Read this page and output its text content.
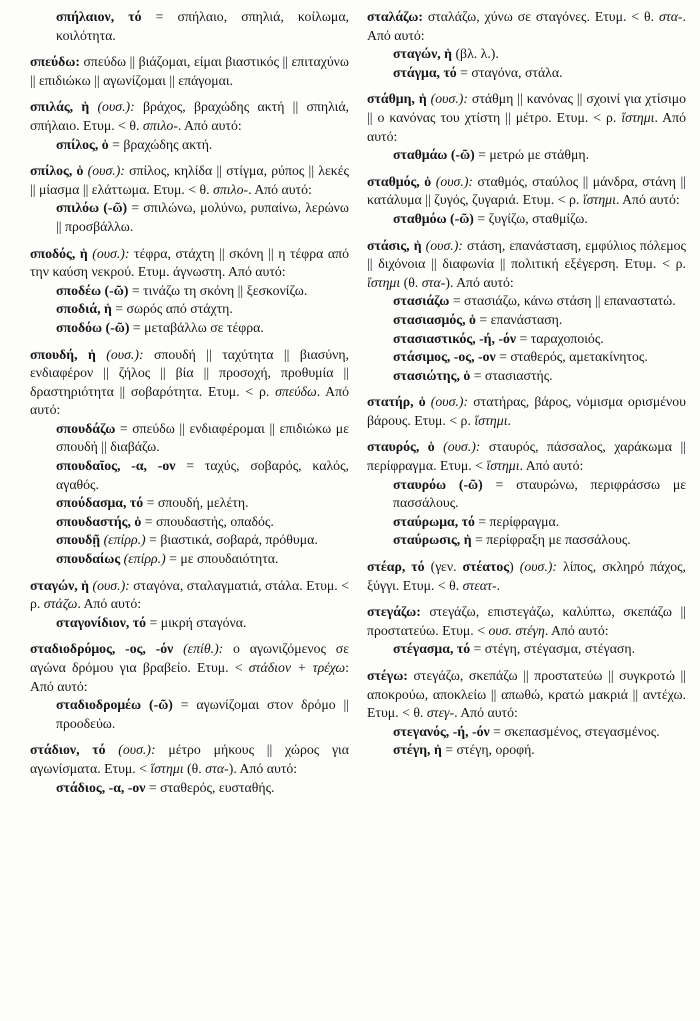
σπήλαιον, τό = σπήλαιο, σπηλιά, κοίλωμα, κοιλότητα.

σπεύδω: σπεύδω || βιάζομαι, είμαι βιαστικός || επιταχύνω || επιδιώκω || αγωνίζομαι || επάγομαι.

σπιλάς, ἡ (ουσ.): βράχος, βραχώδης ακτή || σπηλιά, σπήλαιο. Ετυμ. < θ. σπιλο-. Από αυτό:

σπίλος, ὁ = βραχώδης ακτή.

σπίλος, ὁ (ουσ.): σπίλος, κηλίδα || στίγμα, ρύπος || λεκές || μίασμα || ελάττωμα. Ετυμ. < θ. σπιλο-. Από αυτό:

σπιλόω (-ῶ) = σπιλώνω, μολύνω, ρυπαίνω, λερώνω || προσβάλλω.

σποδός, ἡ (ουσ.): τέφρα, στάχτη || σκόνη || η τέφρα από την καύση νεκρού. Ετυμ. άγνωστη. Από αυτό:

σποδέω (-ῶ) = τινάζω τη σκόνη || ξεσκονίζω.

σποδιά, ἡ = σωρός από στάχτη.

σποδόω (-ῶ) = μεταβάλλω σε τέφρα.

σπουδή, ἡ (ουσ.): σπουδή || ταχύτητα || βιασύνη, ενδιαφέρον || ζήλος || βία || προσοχή, προθυμία || δραστηριότητα || σοβαρότητα. Ετυμ. < ρ. σπεύδω. Από αυτό:

σπουδάζω = σπεύδω || ενδιαφέρομαι || επιδιώκω με σπουδή || διαβάζω.

σπουδαῖος, -α, -ον = ταχύς, σοβαρός, καλός, αγαθός.

σπούδασμα, τό = σπουδή, μελέτη.

σπουδαστής, ὁ = σπουδαστής, οπαδός.

σπουδῇ (επίρρ.) = βιαστικά, σοβαρά, πρόθυμα.

σπουδαίως (επίρρ.) = με σπουδαιότητα.

σταγών, ἡ (ουσ.): σταγόνα, σταλαγματιά, στάλα. Ετυμ. < ρ. στάζω. Από αυτό:

σταγονίδιον, τό = μικρή σταγόνα.

σταδιοδρόμος, -ος, -όν (επίθ.): ο αγωνιζόμενος σε αγώνα δρόμου για βραβείο. Ετυμ. < στάδιον + τρέχω: Από αυτό:

σταδιοδρομέω (-ῶ) = αγωνίζομαι στον δρόμο || προοδεύω.

στάδιον, τό (ουσ.): μέτρο μήκους || χώρος για αγωνίσματα. Ετυμ. < ἵστημι (θ. στα-). Από αυτό:

στάδιος, -α, -ον = σταθερός, ευσταθής.

σταλάζω: σταλάζω, χύνω σε σταγόνες. Ετυμ. < θ. στα-. Από αυτό:

σταγών, ἡ (βλ. λ.).

στάγμα, τό = σταγόνα, στάλα.

στάθμη, ἡ (ουσ.): στάθμη || κανόνας || σχοινί για χτίσιμο || ο κανόνας του χτίστη || μέτρο. Ετυμ. < ρ. ἵστημι. Από αυτό:

σταθμάω (-ῶ) = μετρώ με στάθμη.

σταθμός, ὁ (ουσ.): σταθμός, σταύλος || μάνδρα, στάνη || κατάλυμα || ζυγός, ζυγαριά. Ετυμ. < ρ. ἵστημι. Από αυτό:

σταθμόω (-ῶ) = ζυγίζω, σταθμίζω.

στάσις, ἡ (ουσ.): στάση, επανάσταση, εμφύλιος πόλεμος || διχόνοια || διαφωνία || πολιτική εξέγερση. Ετυμ. < ρ. ἵστημι (θ. στα-). Από αυτό:

στασιάζω = στασιάζω, κάνω στάση || επαναστατώ.

στασιασμός, ὁ = επανάσταση.

στασιαστικός, -ή, -όν = ταραχοποιός.

στάσιμος, -ος, -ον = σταθερός, αμετακίνητος.

στασιώτης, ὁ = στασιαστής.

στατήρ, ὁ (ουσ.): στατήρας, βάρος, νόμισμα ορισμένου βάρους. Ετυμ. < ρ. ἵστημι.

σταυρός, ὁ (ουσ.): σταυρός, πάσσαλος, χαράκωμα || περίφραγμα. Ετυμ. < ἵστημι. Από αυτό:

σταυρόω (-ῶ) = σταυρώνω, περιφράσσω με πασσάλους.

σταύρωμα, τό = περίφραγμα.

σταύρωσις, ἡ = περίφραξη με πασσάλους.

στέαρ, τό (γεν. στέατος) (ουσ.): λίπος, σκληρό πάχος, ξύγγι. Ετυμ. < θ. στεατ-.

στεγάζω: στεγάζω, επιστεγάζω, καλύπτω, σκεπάζω || προστατεύω. Ετυμ. < ουσ. στέγη. Από αυτό:

στέγασμα, τό = στέγη, στέγασμα, στέγαση.

στέγω: στεγάζω, σκεπάζω || προστατεύω || συγκροτώ || αποκρούω, αποκλείω || απωθώ, κρατώ μακριά || αντέχω. Ετυμ. < θ. στεγ-. Από αυτό:

στεγανός, -ή, -όν = σκεπασμένος, στεγασμένος.

στέγη, ἡ = στέγη, οροφή.
